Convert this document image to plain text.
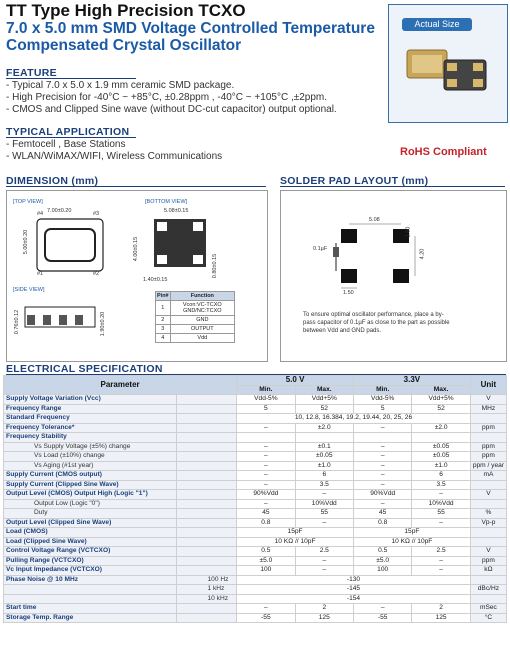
TT Type High Precision TCXO
7.0 x 5.0 mm SMD Voltage Controlled Temperature Compensated Crystal Oscillator
Actual Size
FEATURE
- Typical 7.0 x 5.0 x 1.9 mm ceramic SMD package.
- High Precision for -40°C ~ +85°C, ±0.28ppm , -40°C ~ +105°C ,±2ppm.
- CMOS and Clipped Sine wave (without DC-cut capacitor) output optional.
TYPICAL APPLICATION
- Femtocell , Base Stations
- WLAN/WiMAX/WIFI, Wireless Communications	RoHS Compliant
DIMENSION (mm)
[TOP VIEW]	[BOTTOM VIEW]
[SIDE VIEW]
7.00±0.20
5.00±0.20
5.08±0.15
4.00±0.15
1.40±0.15
0.80±0.15
0.76±0.12	1.90±0.20
#1	#2
#3
#4
Pin#	Function
1	Vcon:VC-TCXO GND/NC:TCXO
2	GND
3	OUTPUT
4	Vdd
SOLDER PAD LAYOUT (mm)
5.08
4.20
1.50
1.50
0.1µF
To ensure optimal oscillator performance, place a by-pass capacitor of 0.1µF as close to the part as possible between Vdd and GND pads.
ELECTRICAL SPECIFICATION
Parameter		5.0 V		3.3V		Unit
		Min.	Max.	Min.	Max.	
Supply Voltage Variation (Vcc)		Vdd-5%	Vdd+5%	Vdd-5%	Vdd+5%	V
Frequency Range		5	52	5	52	MHz
Standard Frequency		10, 12.8, 16.384, 19.2, 19.44, 20, 25, 26				
Frequency Tolerance*		–	±2.0	–	±2.0	ppm
Frequency Stability						
Vs Supply Voltage (±5%) change		–	±0.1	–	±0.05	ppm
Vs Load (±10%) change		–	±0.05	–	±0.05	ppm
Vs Aging (#1st year)		–	±1.0	–	±1.0	ppm / year
Supply Current (CMOS output)		–	6	–	6	mA
Supply Current (Clipped Sine Wave)		–	3.5	–	3.5	
Output Level (CMOS) Output High (Logic "1")		90%Vdd	–	90%Vdd	–	V
Output Low (Logic "0")		–	10%Vdd	–	10%Vdd	
Duty		45	55	45	55	%
Output Level (Clipped Sine Wave)		0.8	–	0.8	–	Vp-p
Load (CMOS)		15pF		15pF		
Load (Clipped Sine Wave)		10 KΩ // 10pF		10 KΩ // 10pF		
Control Voltage Range (VCTCXO)		0.5	2.5	0.5	2.5	V
Pulling Range (VCTCXO)		±5.0	–	±5.0	–	ppm
Vc Input Impedance (VCTCXO)		100	–	100	–	kΩ
Phase Noise @ 10 MHz	100 Hz	-130				
	1 kHz	-145				dBc/Hz
	10 kHz	-154				
Start time		–	2	–	2	mSec
Storage Temp. Range		-55	125	-55	125	°C
